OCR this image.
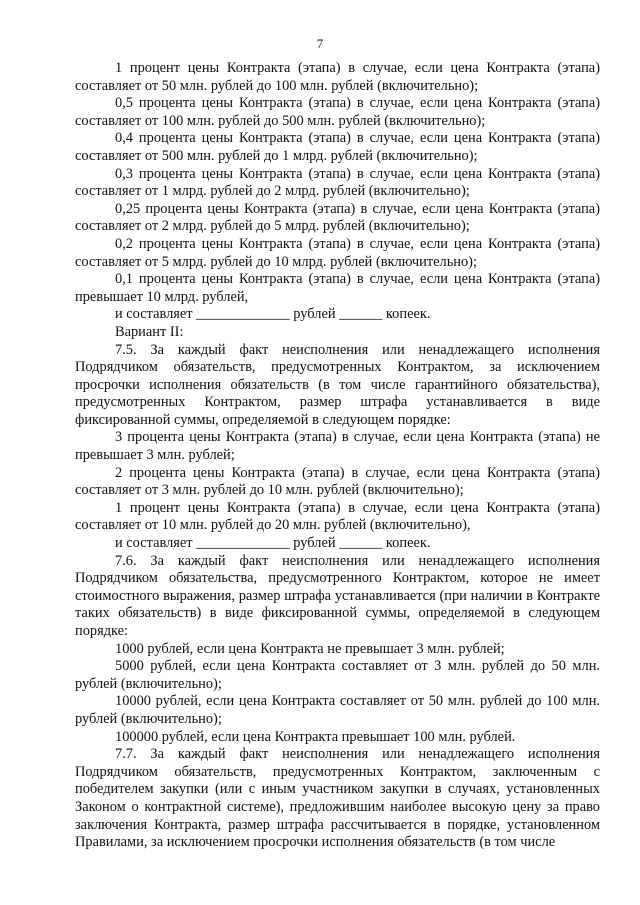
7

1 процент цены Контракта (этапа) в случае, если цена Контракта (этапа) составляет от 50 млн. рублей до 100 млн. рублей (включительно);

0,5 процента цены Контракта (этапа) в случае, если цена Контракта (этапа) составляет от 100 млн. рублей до 500 млн. рублей (включительно);

0,4 процента цены Контракта (этапа) в случае, если цена Контракта (этапа) составляет от 500 млн. рублей до 1 млрд. рублей (включительно);

0,3 процента цены Контракта (этапа) в случае, если цена Контракта (этапа) составляет от 1 млрд. рублей до 2 млрд. рублей (включительно);

0,25 процента цены Контракта (этапа) в случае, если цена Контракта (этапа) составляет от 2 млрд. рублей до 5 млрд. рублей (включительно);

0,2 процента цены Контракта (этапа) в случае, если цена Контракта (этапа) составляет от 5 млрд. рублей до 10 млрд. рублей (включительно);

0,1 процента цены Контракта (этапа) в случае, если цена Контракта (этапа) превышает 10 млрд. рублей,

и составляет _____________ рублей ______ копеек.

Вариант II:

7.5. За каждый факт неисполнения или ненадлежащего исполнения Подрядчиком обязательств, предусмотренных Контрактом, за исключением просрочки исполнения обязательств (в том числе гарантийного обязательства), предусмотренных Контрактом, размер штрафа устанавливается в виде фиксированной суммы, определяемой в следующем порядке:

3 процента цены Контракта (этапа) в случае, если цена Контракта (этапа) не превышает 3 млн. рублей;

2 процента цены Контракта (этапа) в случае, если цена Контракта (этапа) составляет от 3 млн. рублей до 10 млн. рублей (включительно);

1 процент цены Контракта (этапа) в случае, если цена Контракта (этапа) составляет от 10 млн. рублей до 20 млн. рублей (включительно),

и составляет _____________ рублей ______ копеек.

7.6. За каждый факт неисполнения или ненадлежащего исполнения Подрядчиком обязательства, предусмотренного Контрактом, которое не имеет стоимостного выражения, размер штрафа устанавливается (при наличии в Контракте таких обязательств) в виде фиксированной суммы, определяемой в следующем порядке:

1000 рублей, если цена Контракта не превышает 3 млн. рублей;

5000 рублей, если цена Контракта составляет от 3 млн. рублей до 50 млн. рублей (включительно);

10000 рублей, если цена Контракта составляет от 50 млн. рублей до 100 млн. рублей (включительно);

100000 рублей, если цена Контракта превышает 100 млн. рублей.

7.7. За каждый факт неисполнения или ненадлежащего исполнения Подрядчиком обязательств, предусмотренных Контрактом, заключенным с победителем закупки (или с иным участником закупки в случаях, установленных Законом о контрактной системе), предложившим наиболее высокую цену за право заключения Контракта, размер штрафа рассчитывается в порядке, установленном Правилами, за исключением просрочки исполнения обязательств (в том числе
